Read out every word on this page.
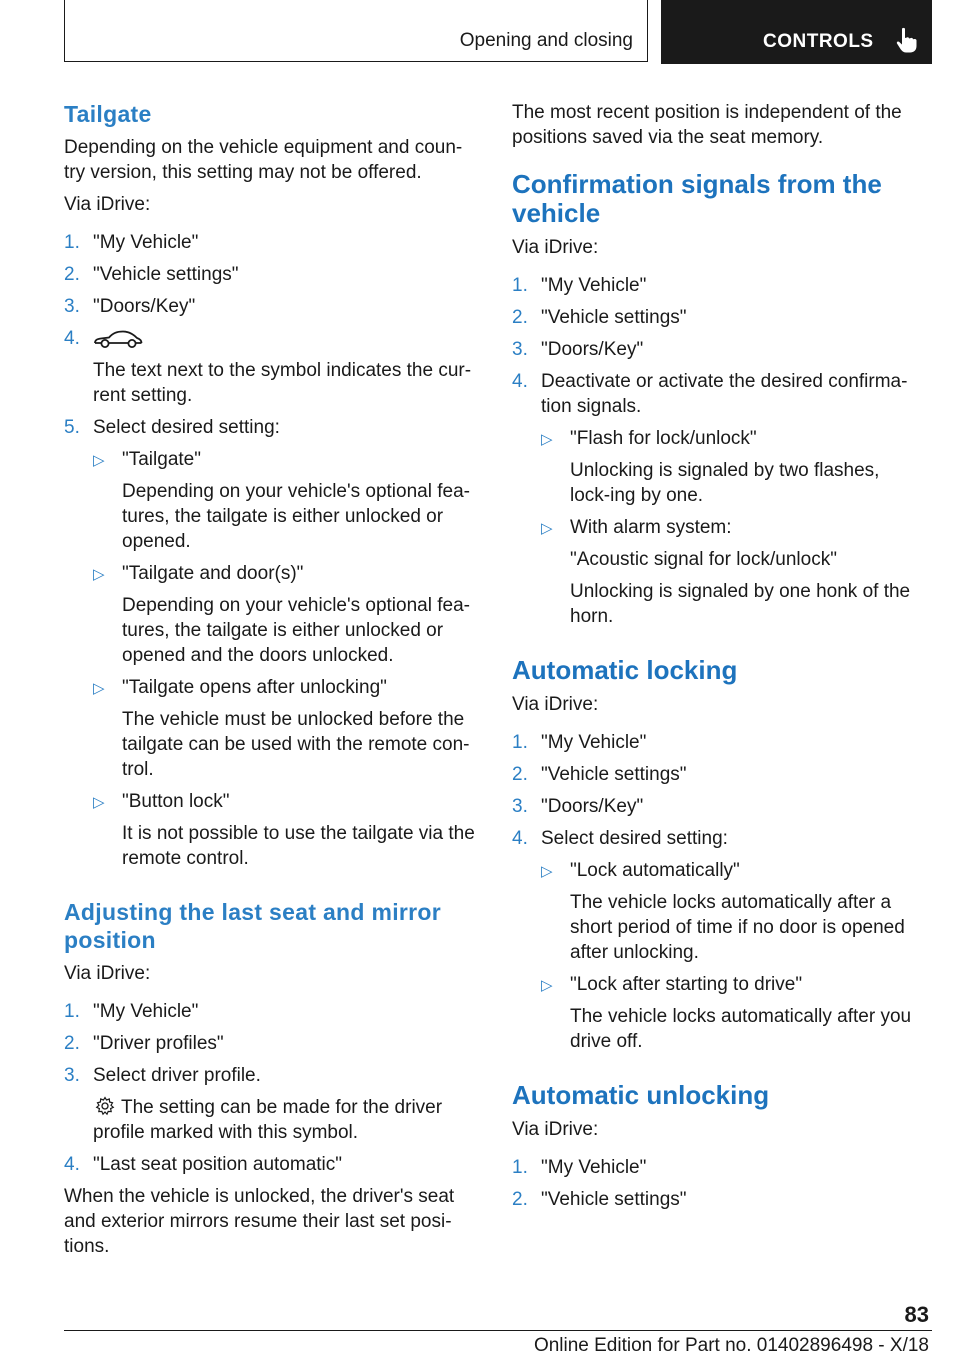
Opening and closing	CONTROLS
Tailgate

Depending on the vehicle equipment and coun-try version, this setting may not be offered.

Via iDrive:

1. "My Vehicle"
2. "Vehicle settings"
3. "Doors/Key"
4.
The text next to the symbol indicates the cur-rent setting.
5. Select desired setting:
▷ "Tailgate"
Depending on your vehicle's optional fea-tures, the tailgate is either unlocked or opened.
▷ "Tailgate and door(s)"
Depending on your vehicle's optional fea-tures, the tailgate is either unlocked or opened and the doors unlocked.
▷ "Tailgate opens after unlocking"
The vehicle must be unlocked before the tailgate can be used with the remote con-trol.
▷ "Button lock"
It is not possible to use the tailgate via the remote control.
Adjusting the last seat and mirror position

Via iDrive:

1. "My Vehicle"
2. "Driver profiles"
3. Select driver profile.
The setting can be made for the driver profile marked with this symbol.
4. "Last seat position automatic"

When the vehicle is unlocked, the driver's seat and exterior mirrors resume their last set posi-tions.

The most recent position is independent of the positions saved via the seat memory.

Confirmation signals from the vehicle

Via iDrive:

1. "My Vehicle"
2. "Vehicle settings"
3. "Doors/Key"
4. Deactivate or activate the desired confirma-tion signals.
▷ "Flash for lock/unlock"
Unlocking is signaled by two flashes, lock-ing by one.
▷ With alarm system:
"Acoustic signal for lock/unlock"
Unlocking is signaled by one honk of the horn.
Automatic locking

Via iDrive:

1. "My Vehicle"
2. "Vehicle settings"
3. "Doors/Key"
4. Select desired setting:
▷ "Lock automatically"
The vehicle locks automatically after a short period of time if no door is opened after unlocking.
▷ "Lock after starting to drive"
The vehicle locks automatically after you drive off.
Automatic unlocking

Via iDrive:

1. "My Vehicle"
2. "Vehicle settings"
83
Online Edition for Part no. 01402896498 - X/18
